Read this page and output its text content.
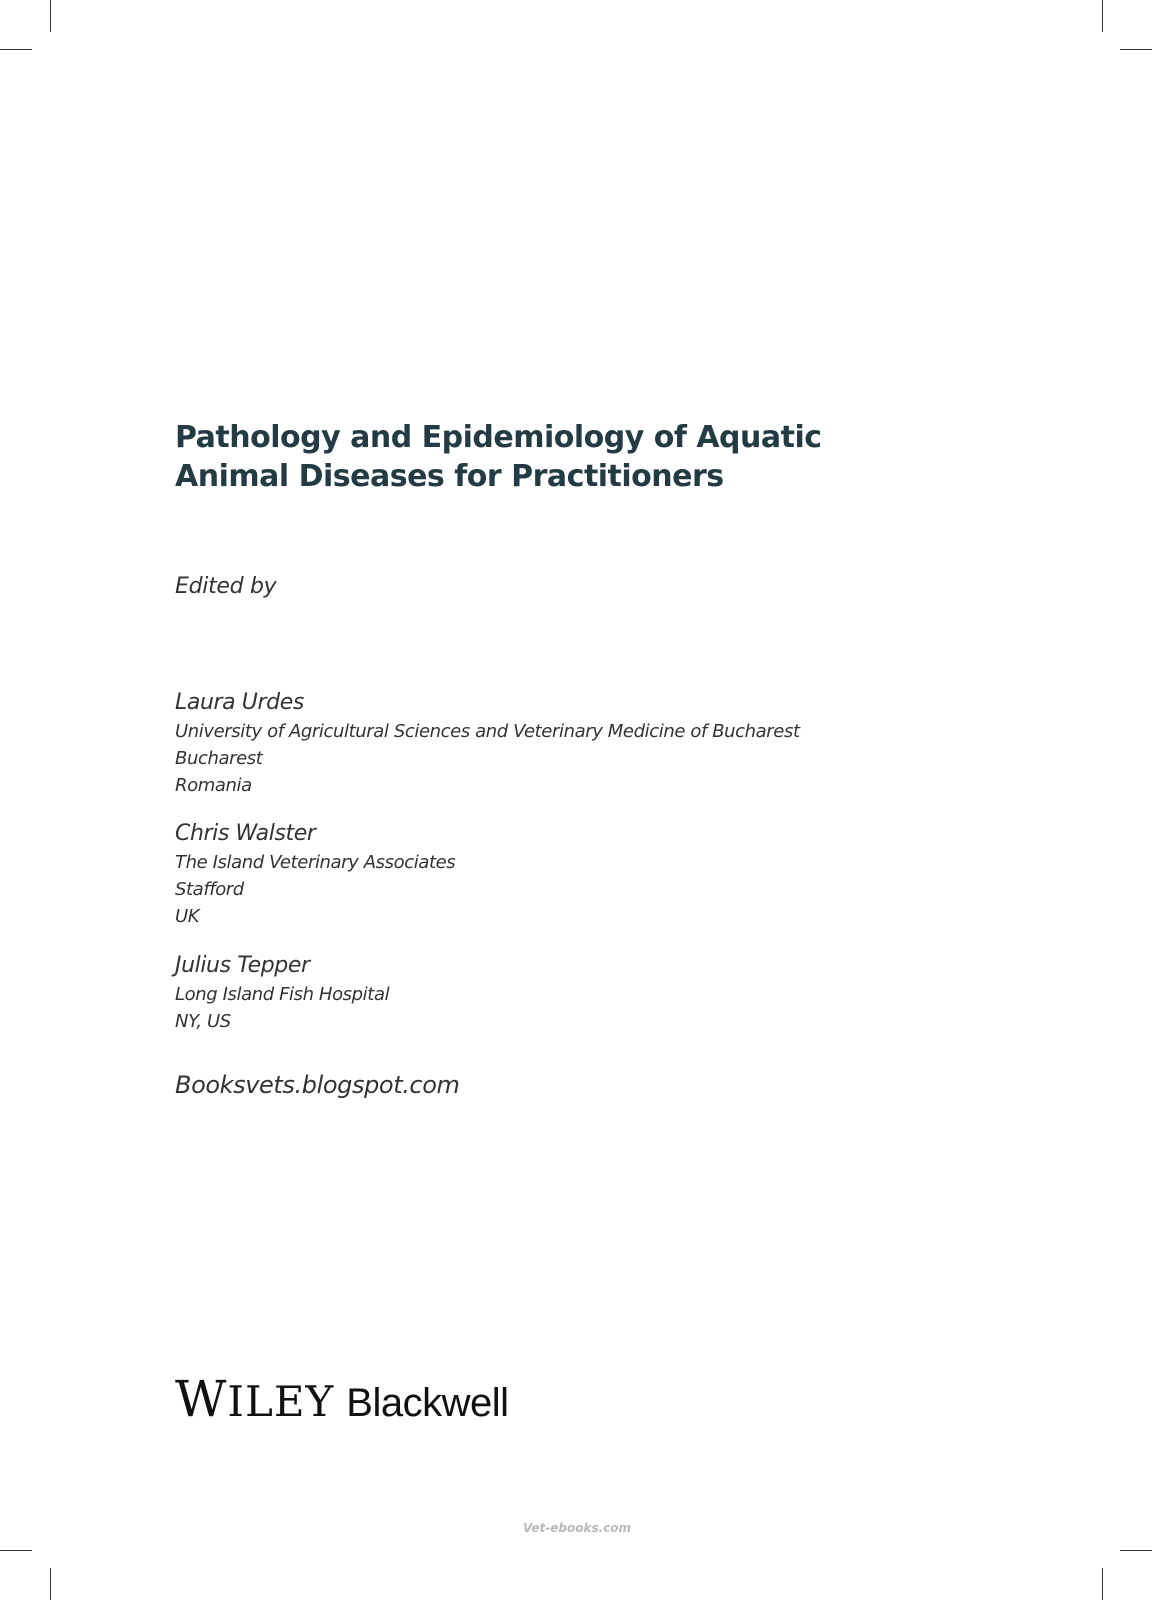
Pathology and Epidemiology of Aquatic
Animal Diseases for Practitioners
Edited by
Laura Urdes
University of Agricultural Sciences and Veterinary Medicine of Bucharest
Bucharest
Romania
Chris Walster
The Island Veterinary Associates
Stafford
UK
Julius Tepper
Long Island Fish Hospital
NY, US
Booksvets.blogspot.com
WILEY Blackwell
Vet-ebooks.com
